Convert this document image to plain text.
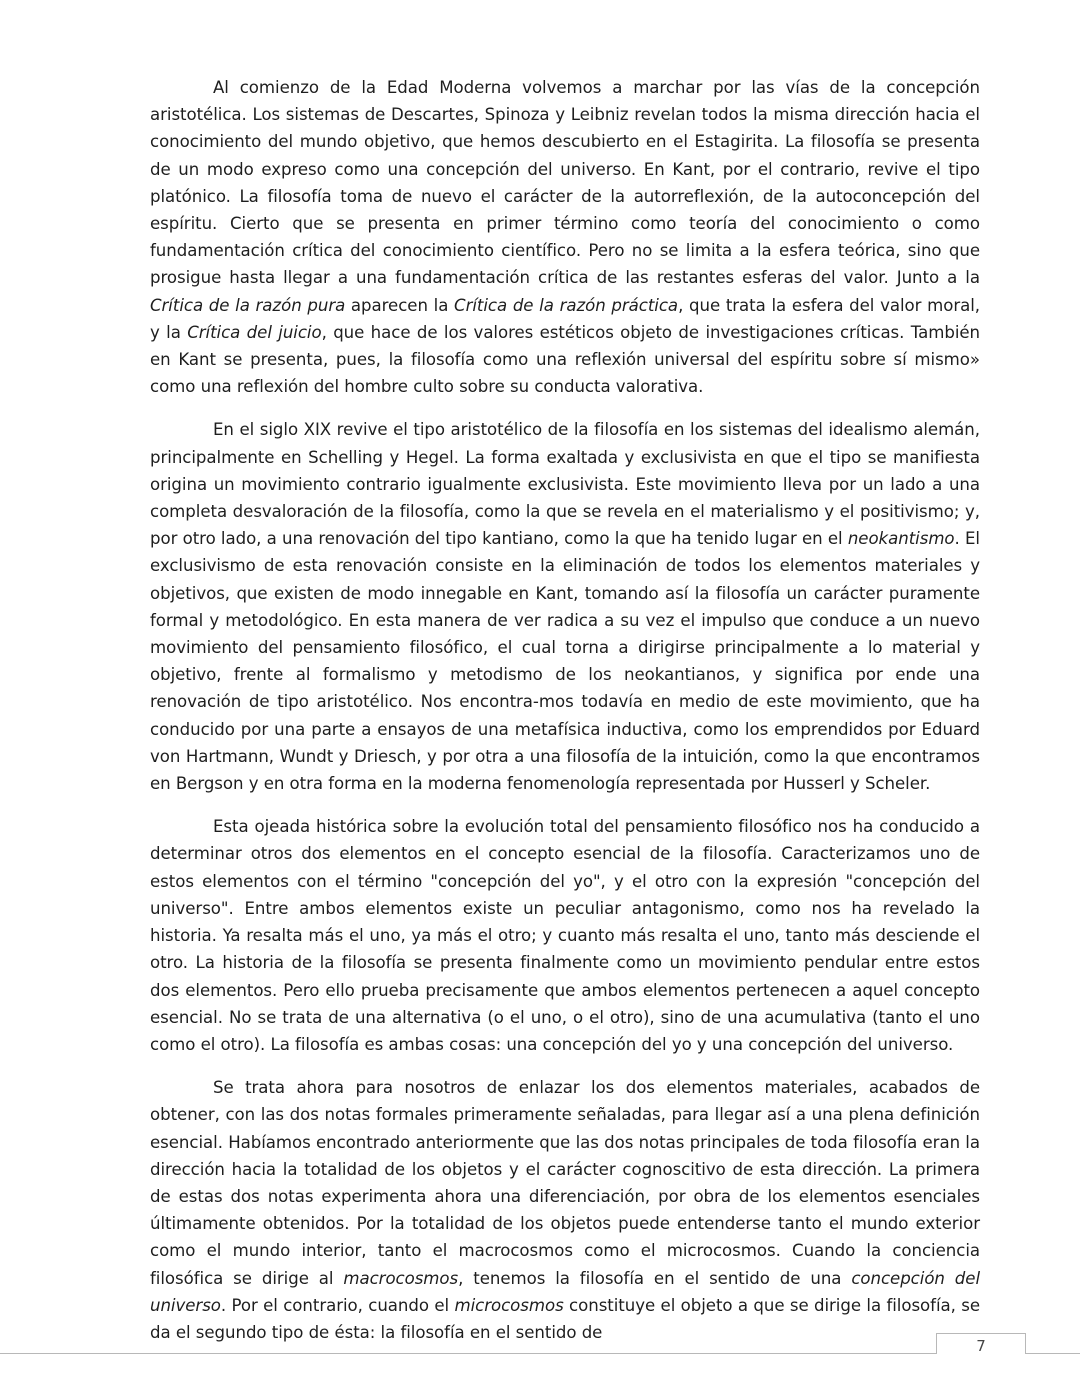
Al comienzo de la Edad Moderna volvemos a marchar por las vías de la concepción aristotélica. Los sistemas de Descartes, Spinoza y Leibniz revelan todos la misma dirección hacia el conocimiento del mundo objetivo, que hemos descubierto en el Estagirita. La filosofía se presenta de un modo expreso como una concepción del universo. En Kant, por el contrario, revive el tipo platónico. La filosofía toma de nuevo el carácter de la autorreflexión, de la autoconcepción del espíritu. Cierto que se presenta en primer término como teoría del conocimiento o como fundamentación crítica del conocimiento científico. Pero no se limita a la esfera teórica, sino que prosigue hasta llegar a una fundamentación crítica de las restantes esferas del valor. Junto a la Crítica de la razón pura aparecen la Crítica de la razón práctica, que trata la esfera del valor moral, y la Crítica del juicio, que hace de los valores estéticos objeto de investigaciones críticas. También en Kant se presenta, pues, la filosofía como una reflexión universal del espíritu sobre sí mismo» como una reflexión del hombre culto sobre su conducta valorativa.

En el siglo XIX revive el tipo aristotélico de la filosofía en los sistemas del idealismo alemán, principalmente en Schelling y Hegel. La forma exaltada y exclusivista en que el tipo se manifiesta origina un movimiento contrario igualmente exclusivista. Este movimiento lleva por un lado a una completa desvaloración de la filosofía, como la que se revela en el materialismo y el positivismo; y, por otro lado, a una renovación del tipo kantiano, como la que ha tenido lugar en el neokantismo. El exclusivismo de esta renovación consiste en la eliminación de todos los elementos materiales y objetivos, que existen de modo innegable en Kant, tomando así la filosofía un carácter puramente formal y metodológico. En esta manera de ver radica a su vez el impulso que conduce a un nuevo movimiento del pensamiento filosófico, el cual torna a dirigirse principalmente a lo material y objetivo, frente al formalismo y metodismo de los neokantianos, y significa por ende una renovación de tipo aristotélico. Nos encontra-mos todavía en medio de este movimiento, que ha conducido por una parte a ensayos de una metafísica inductiva, como los emprendidos por Eduard von Hartmann, Wundt y Driesch, y por otra a una filosofía de la intuición, como la que encontramos en Bergson y en otra forma en la moderna fenomenología representada por Husserl y Scheler.

Esta ojeada histórica sobre la evolución total del pensamiento filosófico nos ha conducido a determinar otros dos elementos en el concepto esencial de la filosofía. Caracterizamos uno de estos elementos con el término "concepción del yo", y el otro con la expresión "concepción del universo". Entre ambos elementos existe un peculiar antagonismo, como nos ha revelado la historia. Ya resalta más el uno, ya más el otro; y cuanto más resalta el uno, tanto más desciende el otro. La historia de la filosofía se presenta finalmente como un movimiento pendular entre estos dos elementos. Pero ello prueba precisamente que ambos elementos pertenecen a aquel concepto esencial. No se trata de una alternativa (o el uno, o el otro), sino de una acumulativa (tanto el uno como el otro). La filosofía es ambas cosas: una concepción del yo y una concepción del universo.

Se trata ahora para nosotros de enlazar los dos elementos materiales, acabados de obtener, con las dos notas formales primeramente señaladas, para llegar así a una plena definición esencial. Habíamos encontrado anteriormente que las dos notas principales de toda filosofía eran la dirección hacia la totalidad de los objetos y el carácter cognoscitivo de esta dirección. La primera de estas dos notas experimenta ahora una diferenciación, por obra de los elementos esenciales últimamente obtenidos. Por la totalidad de los objetos puede entenderse tanto el mundo exterior como el mundo interior, tanto el macrocosmos como el microcosmos. Cuando la conciencia filosófica se dirige al macrocosmos, tenemos la filosofía en el sentido de una concepción del universo. Por el contrario, cuando el microcosmos constituye el objeto a que se dirige la filosofía, se da el segundo tipo de ésta: la filosofía en el sentido de

7
